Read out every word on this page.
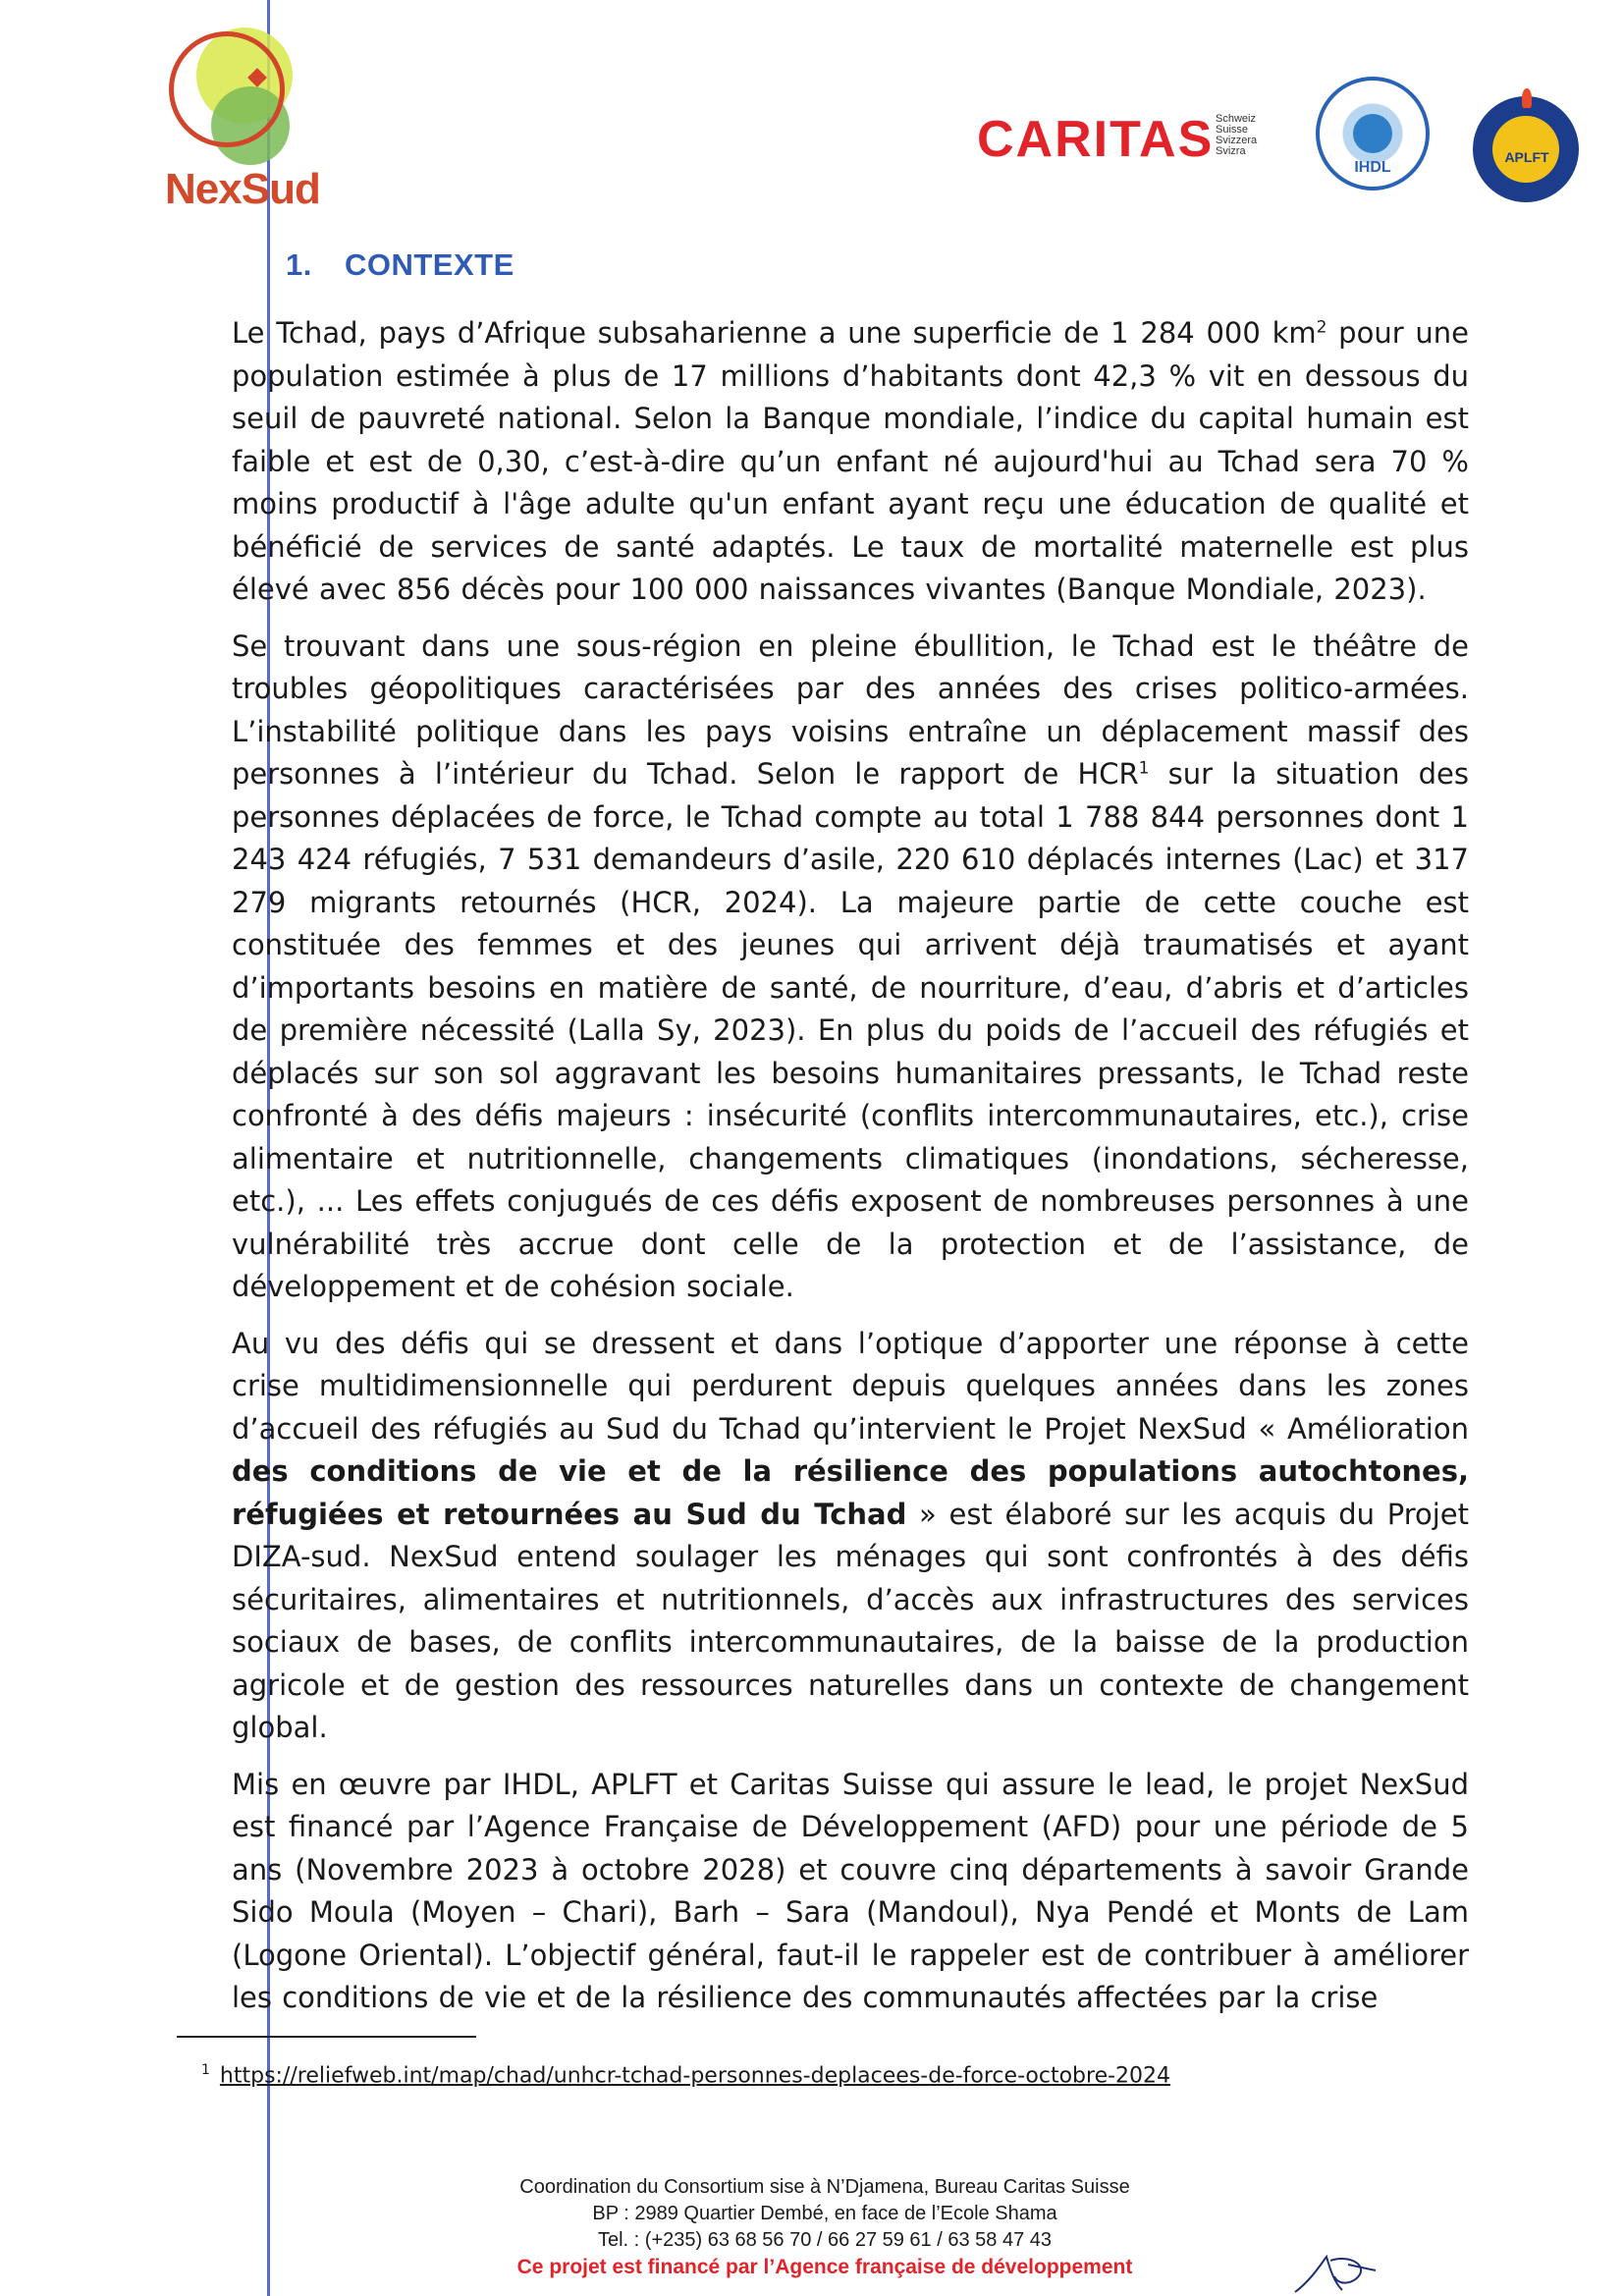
NexSud
CARITAS Schweiz
Suisse
Svizzera
Svizra
IHDL
APLFT
1. CONTEXTE

Le Tchad, pays d’Afrique subsaharienne a une superficie de 1 284 000 $km^2$ pour une population estimée à plus de 17 millions d’habitants dont 42,3 % vit en dessous du seuil de pauvreté national. Selon la Banque mondiale, l’indice du capital humain est faible et est de 0,30, c’est-à-dire qu’un enfant né aujourd'hui au Tchad sera 70 % moins productif à l'âge adulte qu'un enfant ayant reçu une éducation de qualité et bénéficié de services de santé adaptés. Le taux de mortalité maternelle est plus élevé avec 856 décès pour 100 000 naissances vivantes (Banque Mondiale, 2023).

Se trouvant dans une sous-région en pleine ébullition, le Tchad est le théâtre de troubles géopolitiques caractérisées par des années des crises politico-armées. L’instabilité politique dans les pays voisins entraîne un déplacement massif des personnes à l’intérieur du Tchad. Selon le rapport de HCR$^1$ sur la situation des personnes déplacées de force, le Tchad compte au total 1 788 844 personnes dont 1 243 424 réfugiés, 7 531 demandeurs d’asile, 220 610 déplacés internes (Lac) et 317 279 migrants retournés (HCR, 2024). La majeure partie de cette couche est constituée des femmes et des jeunes qui arrivent déjà traumatisés et ayant d’importants besoins en matière de santé, de nourriture, d’eau, d’abris et d’articles de première nécessité (Lalla Sy, 2023). En plus du poids de l’accueil des réfugiés et déplacés sur son sol aggravant les besoins humanitaires pressants, le Tchad reste confronté à des défis majeurs : insécurité (conflits intercommunautaires, etc.), crise alimentaire et nutritionnelle, changements climatiques (inondations, sécheresse, etc.), ... Les effets conjugués de ces défis exposent de nombreuses personnes à une vulnérabilité très accrue dont celle de la protection et de l’assistance, de développement et de cohésion sociale.

Au vu des défis qui se dressent et dans l’optique d’apporter une réponse à cette crise multidimensionnelle qui perdurent depuis quelques années dans les zones d’accueil des réfugiés au Sud du Tchad qu’intervient le Projet NexSud « Amélioration des conditions de vie et de la résilience des populations autochtones, réfugiées et retournées au Sud du Tchad » est élaboré sur les acquis du Projet DIZA-sud. NexSud entend soulager les ménages qui sont confrontés à des défis sécuritaires, alimentaires et nutritionnels, d’accès aux infrastructures des services sociaux de bases, de conflits intercommunautaires, de la baisse de la production agricole et de gestion des ressources naturelles dans un contexte de changement global.

Mis en œuvre par IHDL, APLFT et Caritas Suisse qui assure le lead, le projet NexSud est financé par l’Agence Française de Développement (AFD) pour une période de 5 ans (Novembre 2023 à octobre 2028) et couvre cinq départements à savoir Grande Sido Moula (Moyen – Chari), Barh – Sara (Mandoul), Nya Pendé et Monts de Lam (Logone Oriental). L’objectif général, faut-il le rappeler est de contribuer à améliorer les conditions de vie et de la résilience des communautés affectées par la crise

$^1$ https://reliefweb.int/map/chad/unhcr-tchad-personnes-deplacees-de-force-octobre-2024
Coordination du Consortium sise à N’Djamena, Bureau Caritas Suisse
BP : 2989 Quartier Dembé, en face de l’Ecole Shama
Tel. : (+235) 63 68 56 70 / 66 27 59 61 / 63 58 47 43
Ce projet est financé par l’Agence française de développement
